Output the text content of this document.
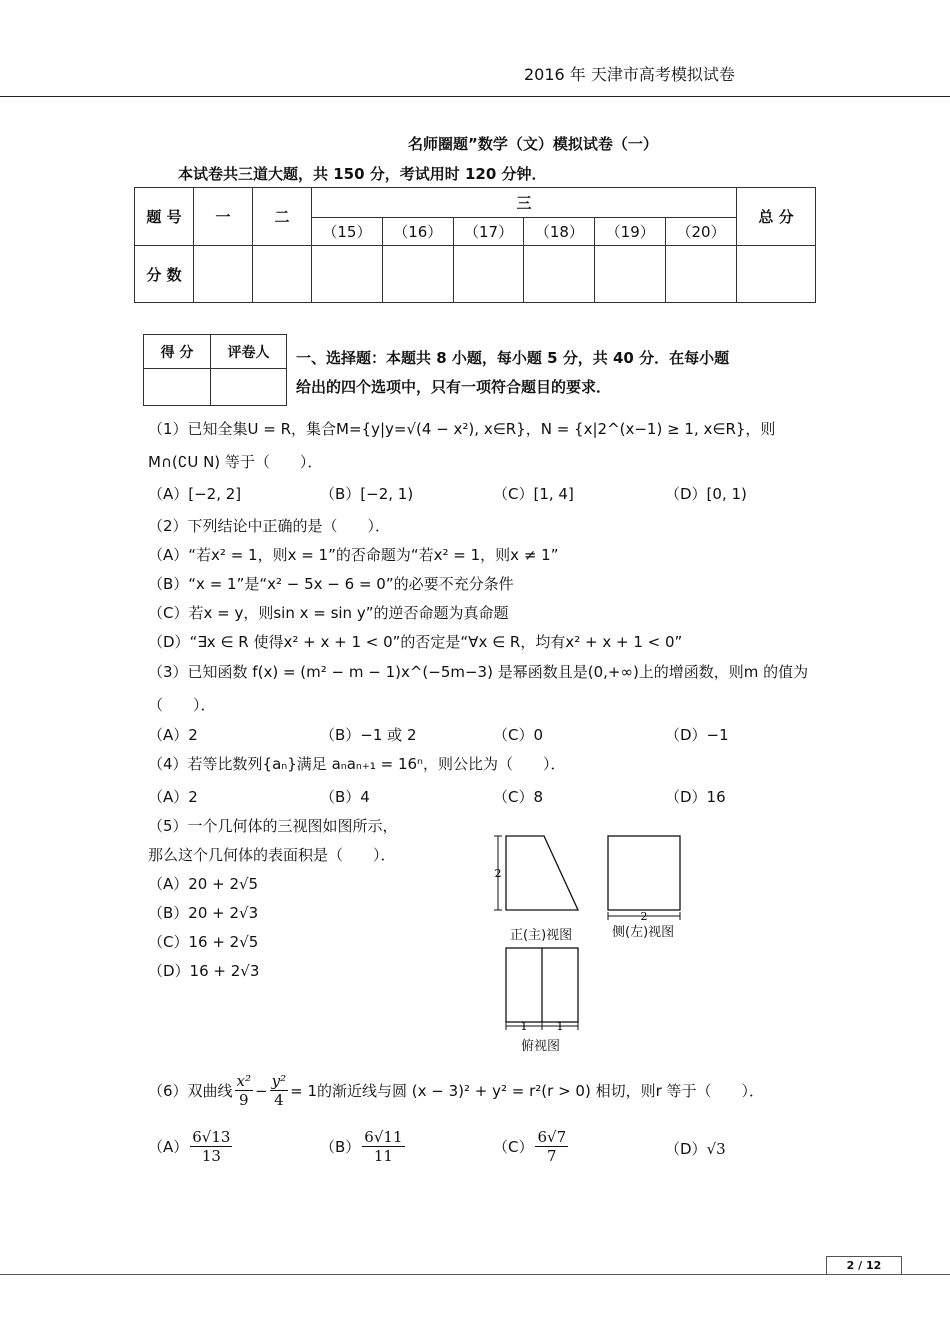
2016 年 天津市高考模拟试卷
名师圈题”数学（文）模拟试卷（一）
本试卷共三道大题，共 150 分，考试用时 120 分钟．
题 号	一	二	三						总 分
			（15）	（16）	（17）	（18）	（19）	（20）	
分 数									
得 分	评卷人
	一、选择题：本题共 8 小题，每小题 5 分，共 40 分．在每小题
给出的四个选项中，只有一项符合题目的要求．
（1）已知全集U = R，集合M={y|y=√(4 − x²), x∈R}，N = {x|2^(x−1) ≥ 1, x∈R}，则
M∩(∁U N) 等于（　　）．
（A）[−2, 2]	（B）[−2, 1)	（C）[1, 4]	（D）[0, 1)
（2）下列结论中正确的是（　　）．
（A）“若x² = 1，则x = 1”的否命题为“若x² = 1，则x ≠ 1”
（B）“x = 1”是“x² − 5x − 6 = 0”的必要不充分条件
（C）若x = y，则sin x = sin y”的逆否命题为真命题
（D）“∃x ∈ R 使得x² + x + 1 < 0”的否定是“∀x ∈ R，均有x² + x + 1 < 0”
（3）已知函数 f(x) = (m² − m − 1)x^(−5m−3) 是幂函数且是(0,+∞)上的增函数，则m 的值为
（　　）．
（A）2	（B）−1 或 2	（C）0	（D）−1
（4）若等比数列{aₙ}满足 aₙaₙ₊₁ = 16ⁿ，则公比为（　　）．
（A）2	（B）4	（C）8	（D）16
（5）一个几何体的三视图如图所示，
那么这个几何体的表面积是（　　）．
（A）20 + 2√5
（B）20 + 2√3
（C）16 + 2√5
（D）16 + 2√3
2
2
1	1
正(主)视图	侧(左)视图
俯视图
（6）双曲线 $\frac{\text{x²}}{9} - \frac{\text{y²}}{4} = 1$的渐近线与圆 (x − 3)² + y² = r²(r > 0) 相切，则r 等于（　　）．
$(A) \frac{6√13}{13}$	$(B) \frac{6√11}{11}$	$(C) \frac{6√7}{7}$	（D）√3
2 / 12
